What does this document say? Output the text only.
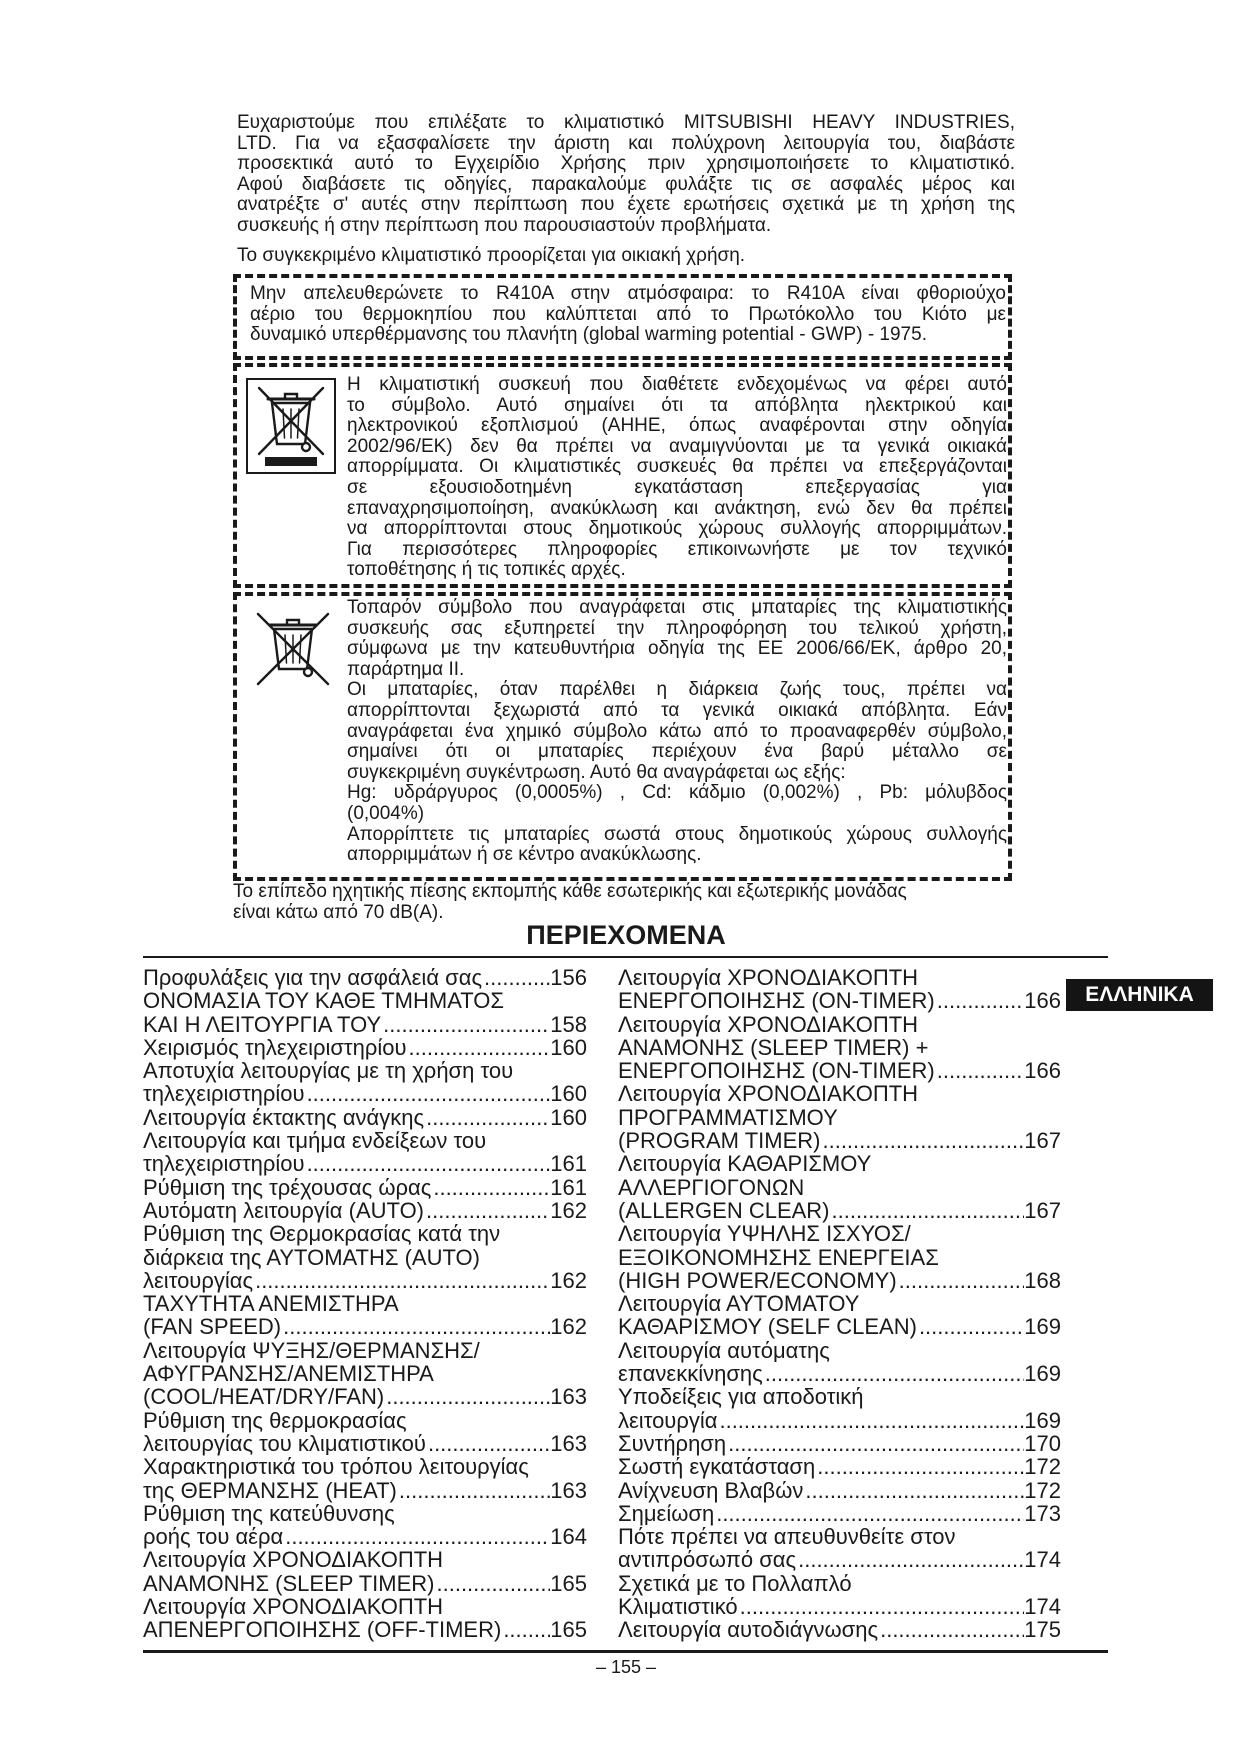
Ευχαριστούμε που επιλέξατε το κλιματιστικό MITSUBISHI HEAVY INDUSTRIES,
LTD. Για να εξασφαλίσετε την άριστη και πολύχρονη λειτουργία του, διαβάστε
προσεκτικά αυτό το Εγχειρίδιο Χρήσης πριν χρησιμοποιήσετε το κλιματιστικό.
Αφού διαβάσετε τις οδηγίες, παρακαλούμε φυλάξτε τις σε ασφαλές μέρος και
ανατρέξτε σ' αυτές στην περίπτωση που έχετε ερωτήσεις σχετικά με τη χρήση της
συσκευής ή στην περίπτωση που παρουσιαστούν προβλήματα.
Το συγκεκριμένο κλιματιστικό προορίζεται για οικιακή χρήση.
Μην απελευθερώνετε το R410A στην ατμόσφαιρα: το R410A είναι φθοριούχο
αέριο του θερμοκηπίου που καλύπτεται από το Πρωτόκολλο του Κιότο με
δυναμικό υπερθέρμανσης του πλανήτη (global warming potential - GWP) - 1975.
Η κλιματιστική συσκευή που διαθέτετε ενδεχομένως να φέρει αυτό
το σύμβολο. Αυτό σημαίνει ότι τα απόβλητα ηλεκτρικού και
ηλεκτρονικού εξοπλισμού (ΑΗΗΕ, όπως αναφέρονται στην οδηγία
2002/96/ΕΚ) δεν θα πρέπει να αναμιγνύονται με τα γενικά οικιακά
απορρίμματα. Οι κλιματιστικές συσκευές θα πρέπει να επεξεργάζονται
σε εξουσιοδοτημένη εγκατάσταση επεξεργασίας για
επαναχρησιμοποίηση, ανακύκλωση και ανάκτηση, ενώ δεν θα πρέπει
να απορρίπτονται στους δημοτικούς χώρους συλλογής απορριμμάτων.
Για περισσότερες πληροφορίες επικοινωνήστε με τον τεχνικό
τοποθέτησης ή τις τοπικές αρχές.
Τοπαρόν σύμβολο που αναγράφεται στις μπαταρίες της κλιματιστικής
συσκευής σας εξυπηρετεί την πληροφόρηση του τελικού χρήστη,
σύμφωνα με την κατευθυντήρια οδηγία της ΕΕ 2006/66/ΕΚ, άρθρο 20,
παράρτημα II.
Οι μπαταρίες, όταν παρέλθει η διάρκεια ζωής τους, πρέπει να
απορρίπτονται ξεχωριστά από τα γενικά οικιακά απόβλητα. Εάν
αναγράφεται ένα χημικό σύμβολο κάτω από το προαναφερθέν σύμβολο,
σημαίνει ότι οι μπαταρίες περιέχουν ένα βαρύ μέταλλο σε
συγκεκριμένη συγκέντρωση. Αυτό θα αναγράφεται ως εξής:
Hg: υδράργυρος (0,0005%) , Cd: κάδμιο (0,002%) , Pb: μόλυβδος
(0,004%)
Απορρίπτετε τις μπαταρίες σωστά στους δημοτικούς χώρους συλλογής
απορριμμάτων ή σε κέντρο ανακύκλωσης.
Το επίπεδο ηχητικής πίεσης εκπομπής κάθε εσωτερικής και εξωτερικής μονάδας
είναι κάτω από 70 dB(A).
ΠΕΡΙΕΧΟΜΕΝΑ
Προφυλάξεις για την ασφάλειά σας .....	156
ΟΝΟΜΑΣΙΑ ΤΟΥ ΚΑΘΕ ΤΜΗΜΑΤΟΣ
ΚΑΙ Η ΛΕΙΤΟΥΡΓΙΑ ΤΟΥ .....	158
Χειρισμός τηλεχειριστηρίου .....	160
Αποτυχία λειτουργίας με τη χρήση του
τηλεχειριστηρίου .....	160
Λειτουργία έκτακτης ανάγκης .....	160
Λειτουργία και τμήμα ενδείξεων του
τηλεχειριστηρίου .....	161
Ρύθμιση της τρέχουσας ώρας .....	161
Αυτόματη λειτουργία (AUTO) .....	162
Ρύθμιση της Θερμοκρασίας κατά την
διάρκεια της ΑΥΤΟΜΑΤΗΣ (AUTO)
λειτουργίας .....	162
ΤΑΧΥΤΗΤΑ ΑΝΕΜΙΣΤΗΡΑ
(FAN SPEED) .....	162
Λειτουργία ΨΥΞΗΣ/ΘΕΡΜΑΝΣΗΣ/
ΑΦΥΓΡΑΝΣΗΣ/ΑΝΕΜΙΣΤΗΡΑ
(COOL/HEAT/DRY/FAN) .....	163
Ρύθμιση της θερμοκρασίας
λειτουργίας του κλιματιστικού .....	163
Χαρακτηριστικά του τρόπου λειτουργίας
της ΘΕΡΜΑΝΣΗΣ (HEAT) .....	163
Ρύθμιση της κατεύθυνσης
ροής του αέρα .....	164
Λειτουργία ΧΡΟΝΟΔΙΑΚΟΠΤΗ
ΑΝΑΜΟΝΗΣ (SLEEP TIMER) .....	165
Λειτουργία ΧΡΟΝΟΔΙΑΚΟΠΤΗ
ΑΠΕΝΕΡΓΟΠΟΙΗΣΗΣ (OFF-TIMER) ..... 165
Λειτουργία ΧΡΟΝΟΔΙΑΚΟΠΤΗ
ΕΝΕΡΓΟΠΟΙΗΣΗΣ (ON-TIMER) .....	166
Λειτουργία ΧΡΟΝΟΔΙΑΚΟΠΤΗ
ΑΝΑΜΟΝΗΣ (SLEEP TIMER) +
ΕΝΕΡΓΟΠΟΙΗΣΗΣ (ON-TIMER) .....	166
Λειτουργία ΧΡΟΝΟΔΙΑΚΟΠΤΗ
ΠΡΟΓΡΑΜΜΑΤΙΣΜΟΥ
(PROGRAM TIMER) .....	167
Λειτουργία ΚΑΘΑΡΙΣΜΟΥ
ΑΛΛΕΡΓΙΟΓΟΝΩΝ
(ALLERGEN CLEAR) .....	167
Λειτουργία ΥΨΗΛΗΣ ΙΣΧΥΟΣ/
ΕΞΟΙΚΟΝΟΜΗΣΗΣ ΕΝΕΡΓΕΙΑΣ
(HIGH POWER/ECONOMY) .....	168
Λειτουργία ΑΥΤΟΜΑΤΟΥ
ΚΑΘΑΡΙΣΜΟΥ (SELF CLEAN) .....	169
Λειτουργία αυτόματης
επανεκκίνησης .....	169
Υποδείξεις για αποδοτική
λειτουργία .....	169
Συντήρηση .....	170
Σωστή εγκατάσταση .....	172
Ανίχνευση Βλαβών .....	172
Σημείωση .....	173
Πότε πρέπει να απευθυνθείτε στον
αντιπρόσωπό σας .....	174
Σχετικά με το Πολλαπλό
Κλιματιστικό .....	174
Λειτουργία αυτοδιάγνωσης .....	175
ΕΛΛΗΝΙΚΑ
– 155 –
